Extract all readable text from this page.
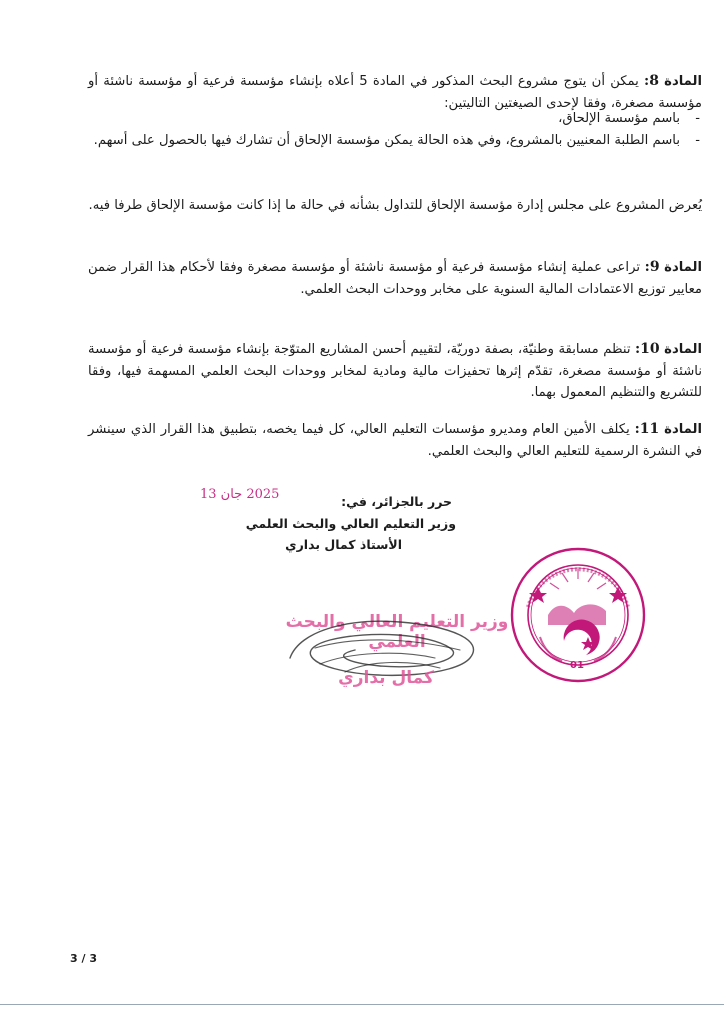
المادة 8: يمكن أن يتوج مشروع البحث المذكور في المادة 5 أعلاه بإنشاء مؤسسة فرعية أو مؤسسة ناشئة أو مؤسسة مصغرة، وفقا لإحدى الصيغتين التاليتين:

- باسم مؤسسة الإلحاق،
- باسم الطلبة المعنيين بالمشروع، وفي هذه الحالة يمكن مؤسسة الإلحاق أن تشارك فيها بالحصول على أسهم.

يُعرض المشروع على مجلس إدارة مؤسسة الإلحاق للتداول بشأنه في حالة ما إذا كانت مؤسسة الإلحاق طرفا فيه.

المادة 9: تراعى عملية إنشاء مؤسسة فرعية أو مؤسسة ناشئة أو مؤسسة مصغرة وفقا لأحكام هذا القرار ضمن معايير توزيع الاعتمادات المالية السنوية على مخابر ووحدات البحث العلمي.

المادة 10: تنظم مسابقة وطنيّة، بصفة دوريّة، لتقييم أحسن المشاريع المتوّجة بإنشاء مؤسسة فرعية أو مؤسسة ناشئة أو مؤسسة مصغرة، تقدّم إثرها تحفيزات مالية ومادية لمخابر ووحدات البحث العلمي المسهمة فيها، وفقا للتشريع والتنظيم المعمول بهما.

المادة 11: يكلف الأمين العام ومديرو مؤسسات التعليم العالي، كل فيما يخصه، بتطبيق هذا القرار الذي سينشر في النشرة الرسمية للتعليم العالي والبحث العلمي.

حرر بالجزائر، في:
2025 جان 13
وزير التعليم العالي والبحث العلمي
الأستاذ كمال بداري
وزير التعليم العالي والبحث العلمي
كمال بداري
01
3 / 3
